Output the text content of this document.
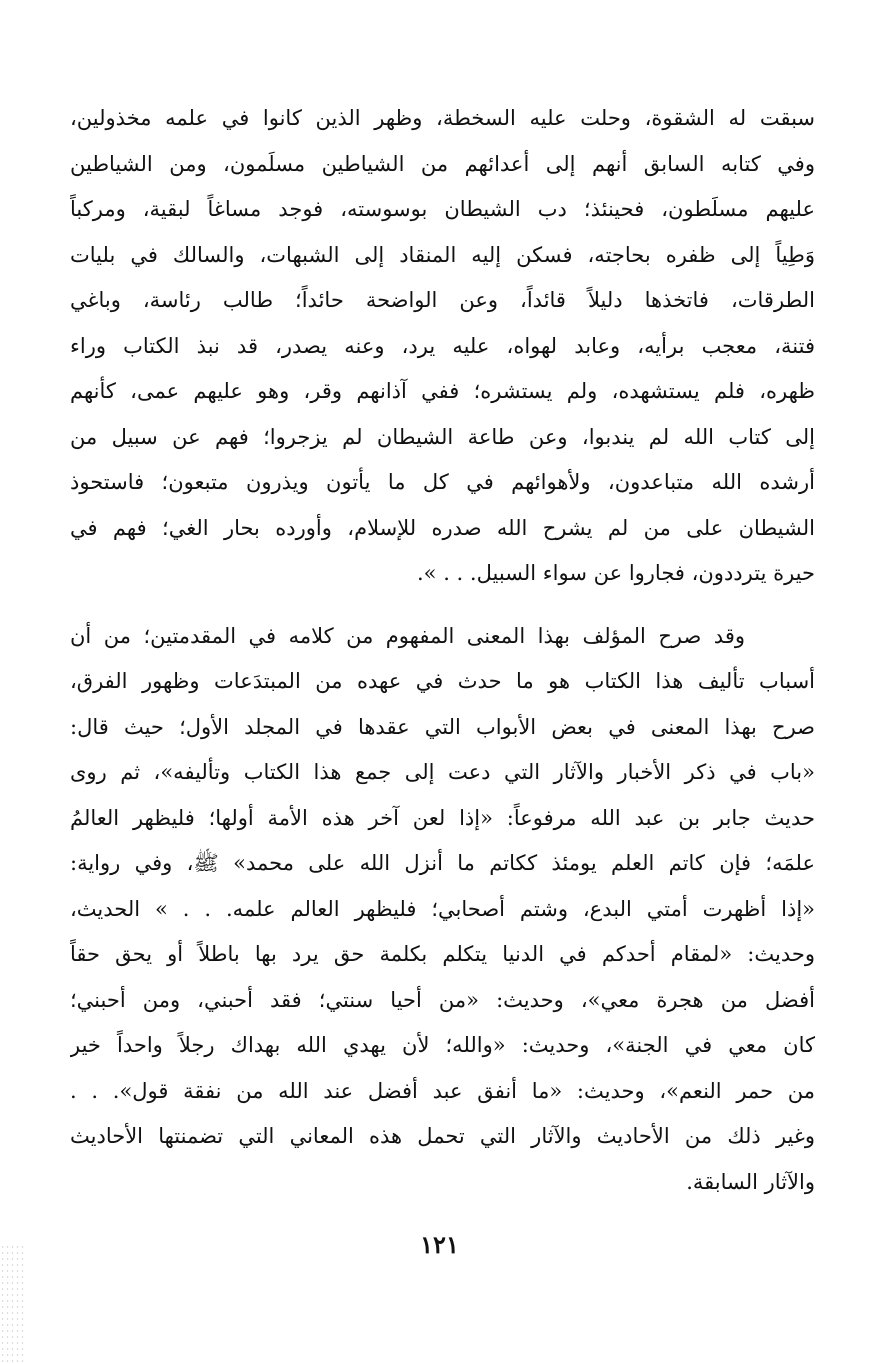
سبقت له الشقوة، وحلت عليه السخطة، وظهر الذين كانوا في علمه مخذولين،
وفي كتابه السابق أنهم إلى أعدائهم من الشياطين مسلَمون، ومن الشياطين
عليهم مسلَطون، فحينئذ؛ دب الشيطان بوسوسته، فوجد مساغاً لبقية، ومركباً
وَطِياً إلى ظفره بحاجته، فسكن إليه المنقاد إلى الشبهات، والسالك في بليات
الطرقات، فاتخذها دليلاً قائداً، وعن الواضحة حائداً؛ طالب رئاسة، وباغي
فتنة، معجب برأيه، وعابد لهواه، عليه يرد، وعنه يصدر، قد نبذ الكتاب وراء
ظهره، فلم يستشهده، ولم يستشره؛ ففي آذانهم وقر، وهو عليهم عمى، كأنهم
إلى كتاب الله لم يندبوا، وعن طاعة الشيطان لم يزجروا؛ فهم عن سبيل من
أرشده الله متباعدون، ولأهوائهم في كل ما يأتون ويذرون متبعون؛ فاستحوذ
الشيطان على من لم يشرح الله صدره للإسلام، وأورده بحار الغي؛ فهم في
حيرة يترددون، فجاروا عن سواء السبيل. . . ».
وقد صرح المؤلف بهذا المعنى المفهوم من كلامه في المقدمتين؛ من أن
أسباب تأليف هذا الكتاب هو ما حدث في عهده من المبتدَعات وظهور الفرق،
صرح بهذا المعنى في بعض الأبواب التي عقدها في المجلد الأول؛ حيث قال:
«باب في ذكر الأخبار والآثار التي دعت إلى جمع هذا الكتاب وتأليفه»، ثم روى
حديث جابر بن عبد الله مرفوعاً: «إذا لعن آخر هذه الأمة أولها؛ فليظهر العالمُ
علمَه؛ فإن كاتم العلم يومئذ ككاتم ما أنزل الله على محمد» ﷺ، وفي رواية:
«إذا أظهرت أمتي البدع، وشتم أصحابي؛ فليظهر العالم علمه. . . » الحديث،
وحديث: «لمقام أحدكم في الدنيا يتكلم بكلمة حق يرد بها باطلاً أو يحق حقاً
أفضل من هجرة معي»، وحديث: «من أحيا سنتي؛ فقد أحبني، ومن أحبني؛
كان معي في الجنة»، وحديث: «والله؛ لأن يهدي الله بهداك رجلاً واحداً خير
من حمر النعم»، وحديث: «ما أنفق عبد أفضل عند الله من نفقة قول». . .
وغير ذلك من الأحاديث والآثار التي تحمل هذه المعاني التي تضمنتها الأحاديث
والآثار السابقة.
١٢١
